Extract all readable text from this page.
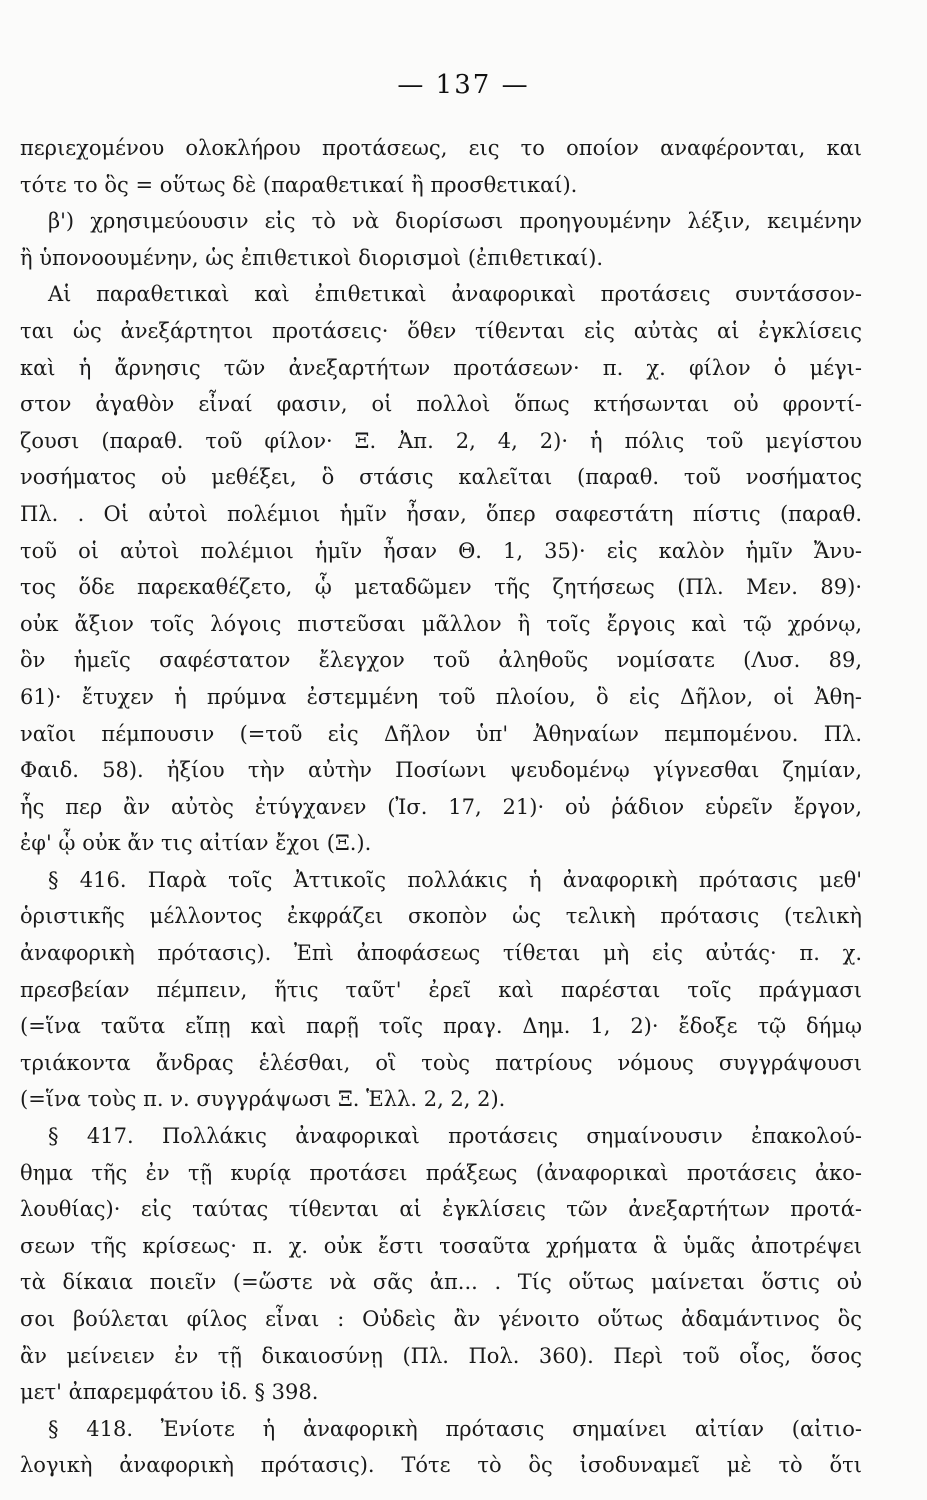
— 137 —
περιεχομένου ολοκλήρου προτάσεως, εις το οποίον αναφέρονται, και
τότε το ὃς = οὕτως δὲ (παραθετικαί ἢ προσθετικαί).
β') χρησιμεύουσιν εἰς τὸ νὰ διορίσωσι προηγουμένην λέξιν, κειμένην
ἢ ὑπονοουμένην, ὡς ἐπιθετικοὶ διορισμοὶ (ἐπιθετικαί).
Αἱ παραθετικαὶ καὶ ἐπιθετικαὶ ἀναφορικαὶ προτάσεις συντάσσον-
ται ὡς ἀνεξάρτητοι προτάσεις· ὅθεν τίθενται εἰς αὐτὰς αἱ ἐγκλίσεις
καὶ ἡ ἄρνησις τῶν ἀνεξαρτήτων προτάσεων· π. χ. φίλον ὁ μέγι-
στον ἀγαθὸν εἶναί φασιν, οἱ πολλοὶ ὅπως κτήσωνται οὐ φροντί-
ζουσι (παραθ. τοῦ φίλον· Ξ. Ἀπ. 2, 4, 2)· ἡ πόλις τοῦ μεγίστου
νοσήματος οὐ μεθέξει, ὃ στάσις καλεῖται (παραθ. τοῦ νοσήματος
Πλ. . Οἱ αὐτοὶ πολέμιοι ἡμῖν ἦσαν, ὅπερ σαφεστάτη πίστις (παραθ.
τοῦ οἱ αὐτοὶ πολέμιοι ἡμῖν ἦσαν Θ. 1, 35)· εἰς καλὸν ἡμῖν Ἄνυ-
τος ὅδε παρεκαθέζετο, ᾧ μεταδῶμεν τῆς ζητήσεως (Πλ. Μεν. 89)·
οὐκ ἄξιον τοῖς λόγοις πιστεῦσαι μᾶλλον ἢ τοῖς ἔργοις καὶ τῷ χρόνῳ,
ὃν ἡμεῖς σαφέστατον ἔλεγχον τοῦ ἀληθοῦς νομίσατε (Λυσ. 89,
61)· ἔτυχεν ἡ πρύμνα ἐστεμμένη τοῦ πλοίου, ὃ εἰς Δῆλον, οἱ Ἀθη-
ναῖοι πέμπουσιν (=τοῦ εἰς Δῆλον ὑπ' Ἀθηναίων πεμπομένου. Πλ.
Φαιδ. 58). ἠξίου τὴν αὐτὴν Ποσίωνι ψευδομένῳ γίγνεσθαι ζημίαν,
ἧς περ ἂν αὐτὸς ἐτύγχανεν (Ἰσ. 17, 21)· οὐ ῥάδιον εὑρεῖν ἔργον,
ἐφ' ᾧ οὐκ ἄν τις αἰτίαν ἔχοι (Ξ.).
§ 416. Παρὰ τοῖς Ἀττικοῖς πολλάκις ἡ ἀναφορικὴ πρότασις μεθ'
ὁριστικῆς μέλλοντος ἐκφράζει σκοπὸν ὡς τελικὴ πρότασις (τελικὴ
ἀναφορικὴ πρότασις). Ἐπὶ ἀποφάσεως τίθεται μὴ εἰς αὐτάς· π. χ.
πρεσβείαν πέμπειν, ἥτις ταῦτ' ἐρεῖ καὶ παρέσται τοῖς πράγμασι
(=ἵνα ταῦτα εἴπῃ καὶ παρῇ τοῖς πραγ. Δημ. 1, 2)· ἔδοξε τῷ δήμῳ
τριάκοντα ἄνδρας ἑλέσθαι, οἳ τοὺς πατρίους νόμους συγγράψουσι
(=ἵνα τοὺς π. ν. συγγράψωσι Ξ. Ἑλλ. 2, 2, 2).
§ 417. Πολλάκις ἀναφορικαὶ προτάσεις σημαίνουσιν ἐπακολού-
θημα τῆς ἐν τῇ κυρίᾳ προτάσει πράξεως (ἀναφορικαὶ προτάσεις ἀκο-
λουθίας)· εἰς ταύτας τίθενται αἱ ἐγκλίσεις τῶν ἀνεξαρτήτων προτά-
σεων τῆς κρίσεως· π. χ. οὐκ ἔστι τοσαῦτα χρήματα ἃ ὑμᾶς ἀποτρέψει
τὰ δίκαια ποιεῖν (=ὥστε νὰ σᾶς ἀπ... . Τίς οὕτως μαίνεται ὅστις οὐ
σοι βούλεται φίλος εἶναι : Οὐδεὶς ἂν γένοιτο οὕτως ἀδαμάντινος ὃς
ἂν μείνειεν ἐν τῇ δικαιοσύνῃ (Πλ. Πολ. 360). Περὶ τοῦ οἷος, ὅσος
μετ' ἀπαρεμφάτου ἰδ. § 398.
§ 418. Ἐνίοτε ἡ ἀναφορικὴ πρότασις σημαίνει αἰτίαν (αἰτιο-
λογικὴ ἀναφορικὴ πρότασις). Τότε τὸ ὃς ἰσοδυναμεῖ μὲ τὸ ὅτι
